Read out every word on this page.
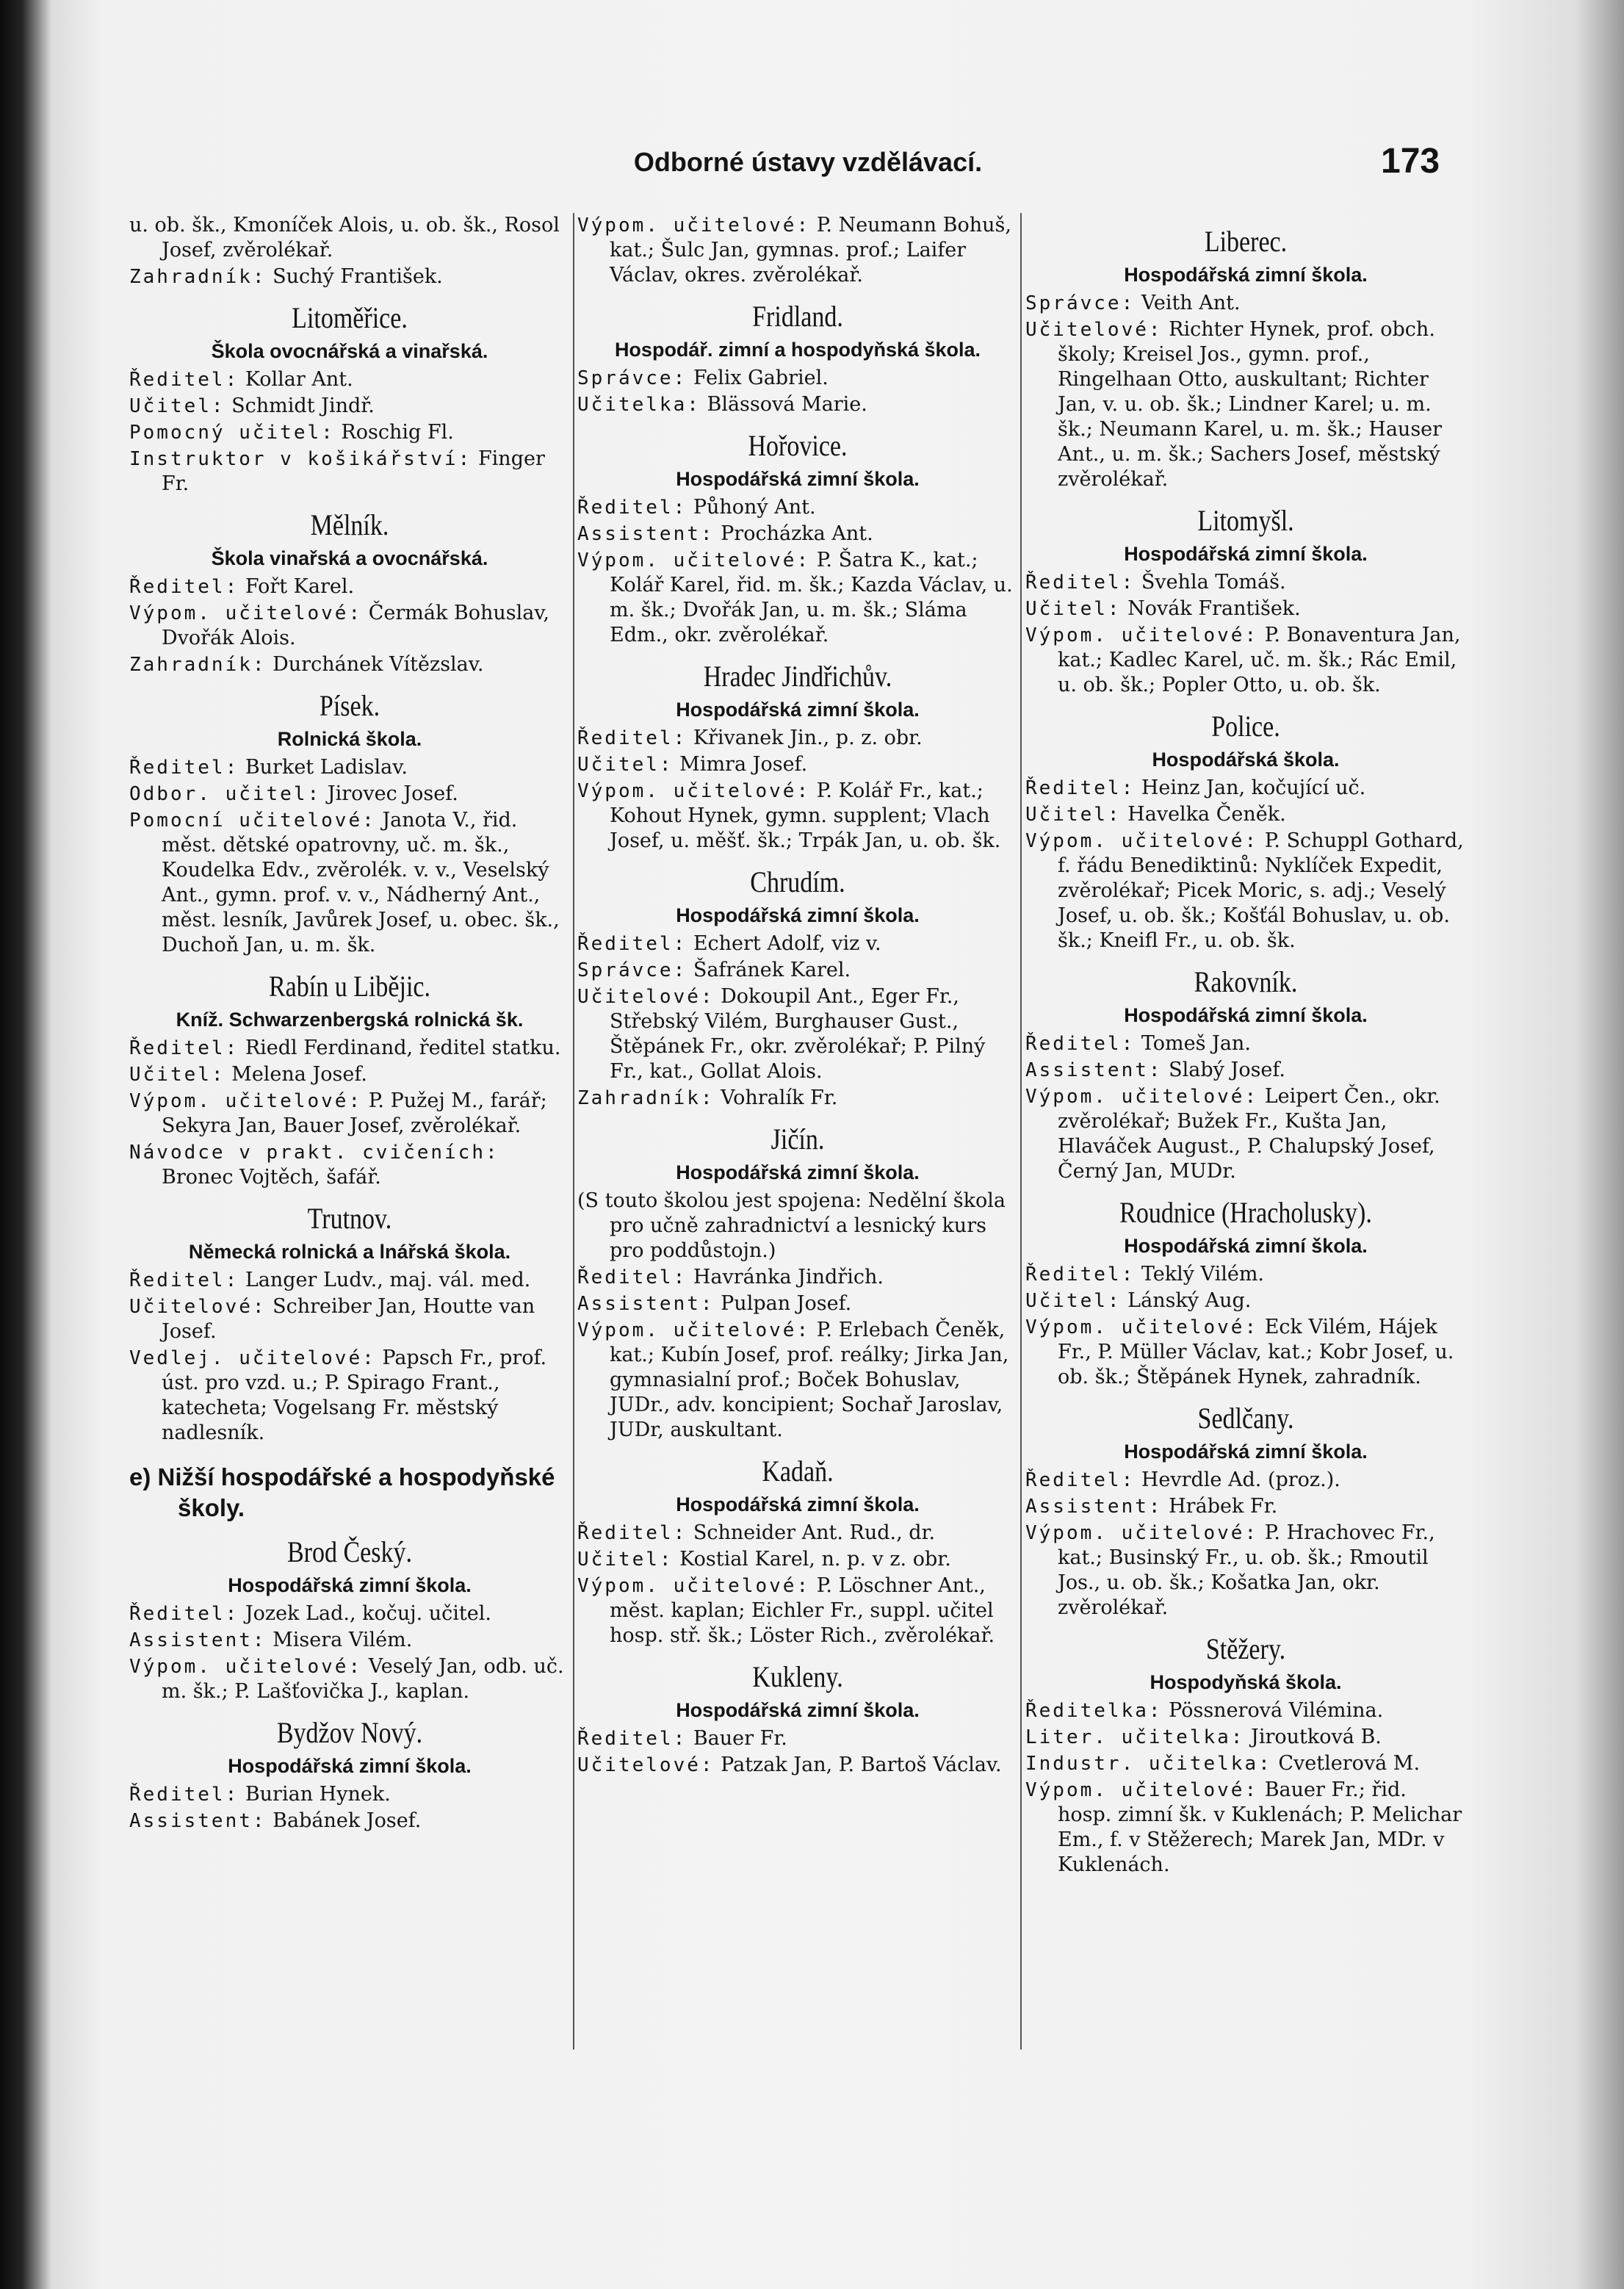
Odborné ústavy vzdělávací.	173
u. ob. šk., Kmoníček Alois, u. ob. šk., Rosol Josef, zvěrolékař.
Zahradník: Suchý František.
Litoměřice.
Škola ovocnářská a vinařská.
Ředitel: Kollar Ant.
Učitel: Schmidt Jindř.
Pomocný učitel: Roschig Fl.
Instruktor v košikářství: Finger Fr.
Mělník.
Škola vinařská a ovocnářská.
Ředitel: Fořt Karel.
Výpom. učitelové: Čermák Bohuslav, Dvořák Alois.
Zahradník: Durchánek Vítězslav.
Písek.
Rolnická škola.
Ředitel: Burket Ladislav.
Odbor. učitel: Jirovec Josef.
Pomocní učitelové: Janota V., řid. měst. dětské opatrovny, uč. m. šk., Koudelka Edv., zvěrolék. v. v., Veselský Ant., gymn. prof. v. v., Nádherný Ant., měst. lesník, Javůrek Josef, u. obec. šk., Duchoň Jan, u. m. šk.
Rabín u Libějic.
Kníž. Schwarzenbergská rolnická šk.
Ředitel: Riedl Ferdinand, ředitel statku.
Učitel: Melena Josef.
Výpom. učitelové: P. Pužej M., farář; Sekyra Jan, Bauer Josef, zvěrolékař.
Návodce v prakt. cvičeních: Bronec Vojtěch, šafář.
Trutnov.
Německá rolnická a lnářská škola.
Ředitel: Langer Ludv., maj. vál. med.
Učitelové: Schreiber Jan, Houtte van Josef.
Vedlej. učitelové: Papsch Fr., prof. úst. pro vzd. u.; P. Spirago Frant., katecheta; Vogelsang Fr. městský nadlesník.
e) Nižší hospodářské a hospodyňské školy.
Brod Český.
Hospodářská zimní škola.
Ředitel: Jozek Lad., kočuj. učitel.
Assistent: Misera Vilém.
Výpom. učitelové: Veselý Jan, odb. uč. m. šk.; P. Lašťovička J., kaplan.
Bydžov Nový.
Hospodářská zimní škola.
Ředitel: Burian Hynek.
Assistent: Babánek Josef.
Výpom. učitelové: P. Neumann Bohuš, kat.; Šulc Jan, gymnas. prof.; Laifer Václav, okres. zvěrolékař.
Fridland.
Hospodář. zimní a hospodyňská škola.
Správce: Felix Gabriel.
Učitelka: Blässová Marie.
Hořovice.
Hospodářská zimní škola.
Ředitel: Půhoný Ant.
Assistent: Procházka Ant.
Výpom. učitelové: P. Šatra K., kat.; Kolář Karel, řid. m. šk.; Kazda Václav, u. m. šk.; Dvořák Jan, u. m. šk.; Sláma Edm., okr. zvěrolékař.
Hradec Jindřichův.
Hospodářská zimní škola.
Ředitel: Křivanek Jin., p. z. obr.
Učitel: Mimra Josef.
Výpom. učitelové: P. Kolář Fr., kat.; Kohout Hynek, gymn. supplent; Vlach Josef, u. měšť. šk.; Trpák Jan, u. ob. šk.
Chrudím.
Hospodářská zimní škola.
Ředitel: Echert Adolf, viz v.
Správce: Šafránek Karel.
Učitelové: Dokoupil Ant., Eger Fr., Střebský Vilém, Burghauser Gust., Štěpánek Fr., okr. zvěrolékař; P. Pilný Fr., kat., Gollat Alois.
Zahradník: Vohralík Fr.
Jičín.
Hospodářská zimní škola.
(S touto školou jest spojena: Nedělní škola pro učně zahradnictví a lesnický kurs pro poddůstojn.)
Ředitel: Havránka Jindřich.
Assistent: Pulpan Josef.
Výpom. učitelové: P. Erlebach Čeněk, kat.; Kubín Josef, prof. reálky; Jirka Jan, gymnasialní prof.; Boček Bohuslav, JUDr., adv. koncipient; Sochař Jaroslav, JUDr, auskultant.
Kadaň.
Hospodářská zimní škola.
Ředitel: Schneider Ant. Rud., dr.
Učitel: Kostial Karel, n. p. v z. obr.
Výpom. učitelové: P. Löschner Ant., měst. kaplan; Eichler Fr., suppl. učitel hosp. stř. šk.; Löster Rich., zvěrolékař.
Kukleny.
Hospodářská zimní škola.
Ředitel: Bauer Fr.
Učitelové: Patzak Jan, P. Bartoš Václav.
Liberec.
Hospodářská zimní škola.
Správce: Veith Ant.
Učitelové: Richter Hynek, prof. obch. školy; Kreisel Jos., gymn. prof., Ringelhaan Otto, auskultant; Richter Jan, v. u. ob. šk.; Lindner Karel; u. m. šk.; Neumann Karel, u. m. šk.; Hauser Ant., u. m. šk.; Sachers Josef, městský zvěrolékař.
Litomyšl.
Hospodářská zimní škola.
Ředitel: Švehla Tomáš.
Učitel: Novák František.
Výpom. učitelové: P. Bonaventura Jan, kat.; Kadlec Karel, uč. m. šk.; Rác Emil, u. ob. šk.; Popler Otto, u. ob. šk.
Police.
Hospodářská škola.
Ředitel: Heinz Jan, kočující uč.
Učitel: Havelka Čeněk.
Výpom. učitelové: P. Schuppl Gothard, f. řádu Benediktinů: Nyklíček Expedit, zvěrolékař; Picek Moric, s. adj.; Veselý Josef, u. ob. šk.; Košťál Bohuslav, u. ob. šk.; Kneifl Fr., u. ob. šk.
Rakovník.
Hospodářská zimní škola.
Ředitel: Tomeš Jan.
Assistent: Slabý Josef.
Výpom. učitelové: Leipert Čen., okr. zvěrolékař; Bužek Fr., Kušta Jan, Hlaváček August., P. Chalupský Josef, Černý Jan, MUDr.
Roudnice (Hracholusky).
Hospodářská zimní škola.
Ředitel: Teklý Vilém.
Učitel: Lánský Aug.
Výpom. učitelové: Eck Vilém, Hájek Fr., P. Müller Václav, kat.; Kobr Josef, u. ob. šk.; Štěpánek Hynek, zahradník.
Sedlčany.
Hospodářská zimní škola.
Ředitel: Hevrdle Ad. (proz.).
Assistent: Hrábek Fr.
Výpom. učitelové: P. Hrachovec Fr., kat.; Businský Fr., u. ob. šk.; Rmoutil Jos., u. ob. šk.; Košatka Jan, okr. zvěrolékař.
Stěžery.
Hospodyňská škola.
Ředitelka: Pössnerová Vilémina.
Liter. učitelka: Jiroutková B.
Industr. učitelka: Cvetlerová M.
Výpom. učitelové: Bauer Fr.; řid. hosp. zimní šk. v Kuklenách; P. Melichar Em., f. v Stěžerech; Marek Jan, MDr. v Kuklenách.
